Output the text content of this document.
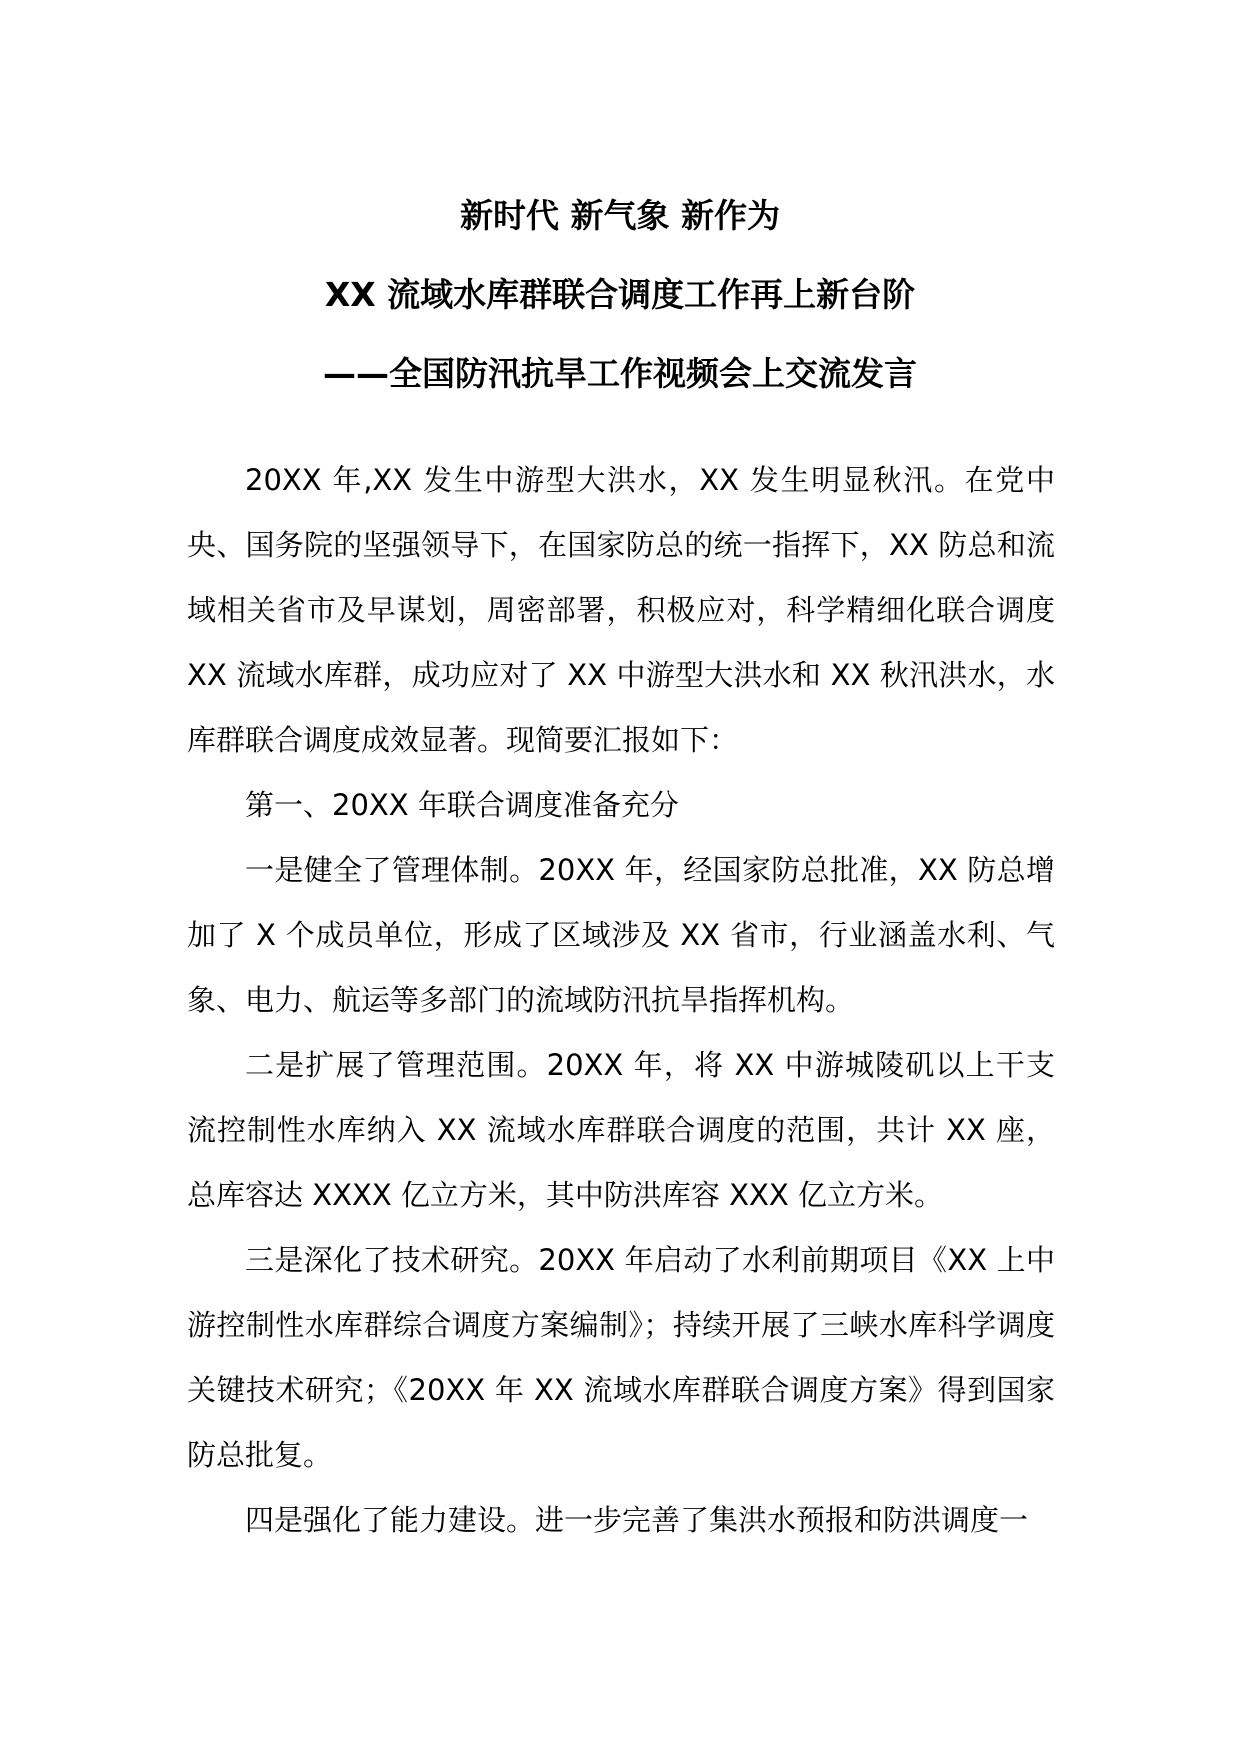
新时代 新气象 新作为

XX 流域水库群联合调度工作再上新台阶

——全国防汛抗旱工作视频会上交流发言

20XX 年,XX 发生中游型大洪水，XX 发生明显秋汛。在党中央、国务院的坚强领导下，在国家防总的统一指挥下，XX 防总和流域相关省市及早谋划，周密部署，积极应对，科学精细化联合调度 XX 流域水库群，成功应对了 XX 中游型大洪水和 XX 秋汛洪水，水库群联合调度成效显著。现简要汇报如下：

第一、20XX 年联合调度准备充分

一是健全了管理体制。20XX 年，经国家防总批准，XX 防总增加了 X 个成员单位，形成了区域涉及 XX 省市，行业涵盖水利、气象、电力、航运等多部门的流域防汛抗旱指挥机构。

二是扩展了管理范围。20XX 年，将 XX 中游城陵矶以上干支流控制性水库纳入 XX 流域水库群联合调度的范围，共计 XX 座，总库容达 XXXX 亿立方米，其中防洪库容 XXX 亿立方米。

三是深化了技术研究。20XX 年启动了水利前期项目《XX 上中游控制性水库群综合调度方案编制》；持续开展了三峡水库科学调度关键技术研究；《20XX 年 XX 流域水库群联合调度方案》得到国家防总批复。

四是强化了能力建设。进一步完善了集洪水预报和防洪调度一
